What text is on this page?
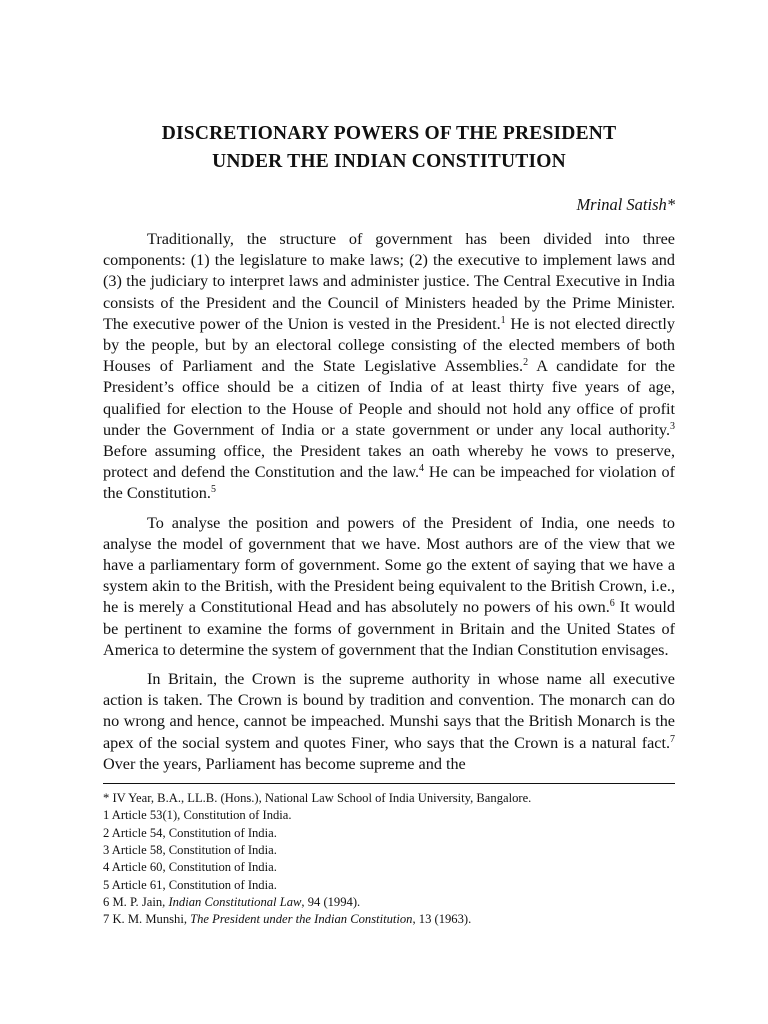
DISCRETIONARY POWERS OF THE PRESIDENT
UNDER THE INDIAN CONSTITUTION
Mrinal Satish*

Traditionally, the structure of government has been divided into three components: (1) the legislature to make laws; (2) the executive to implement laws and (3) the judiciary to interpret laws and administer justice. The Central Executive in India consists of the President and the Council of Ministers headed by the Prime Minister. The executive power of the Union is vested in the President.$^1$ He is not elected directly by the people, but by an electoral college consisting of the elected members of both Houses of Parliament and the State Legislative Assemblies.$^2$ A candidate for the President’s office should be a citizen of India of at least thirty five years of age, qualified for election to the House of People and should not hold any office of profit under the Government of India or a state government or under any local authority.$^3$ Before assuming office, the President takes an oath whereby he vows to preserve, protect and defend the Constitution and the law.$^4$ He can be impeached for violation of the Constitution.$^5$

To analyse the position and powers of the President of India, one needs to analyse the model of government that we have. Most authors are of the view that we have a parliamentary form of government. Some go the extent of saying that we have a system akin to the British, with the President being equivalent to the British Crown, i.e., he is merely a Constitutional Head and has absolutely no powers of his own.$^6$ It would be pertinent to examine the forms of government in Britain and the United States of America to determine the system of government that the Indian Constitution envisages.

In Britain, the Crown is the supreme authority in whose name all executive action is taken. The Crown is bound by tradition and convention. The monarch can do no wrong and hence, cannot be impeached. Munshi says that the British Monarch is the apex of the social system and quotes Finer, who says that the Crown is a natural fact.$^7$ Over the years, Parliament has become supreme and the

* IV Year, B.A., LL.B. (Hons.), National Law School of India University, Bangalore.

1 Article 53(1), Constitution of India.

2 Article 54, Constitution of India.

3 Article 58, Constitution of India.

4 Article 60, Constitution of India.

5 Article 61, Constitution of India.

6 M. P. Jain, Indian Constitutional Law, 94 (1994).

7 K. M. Munshi, The President under the Indian Constitution, 13 (1963).
